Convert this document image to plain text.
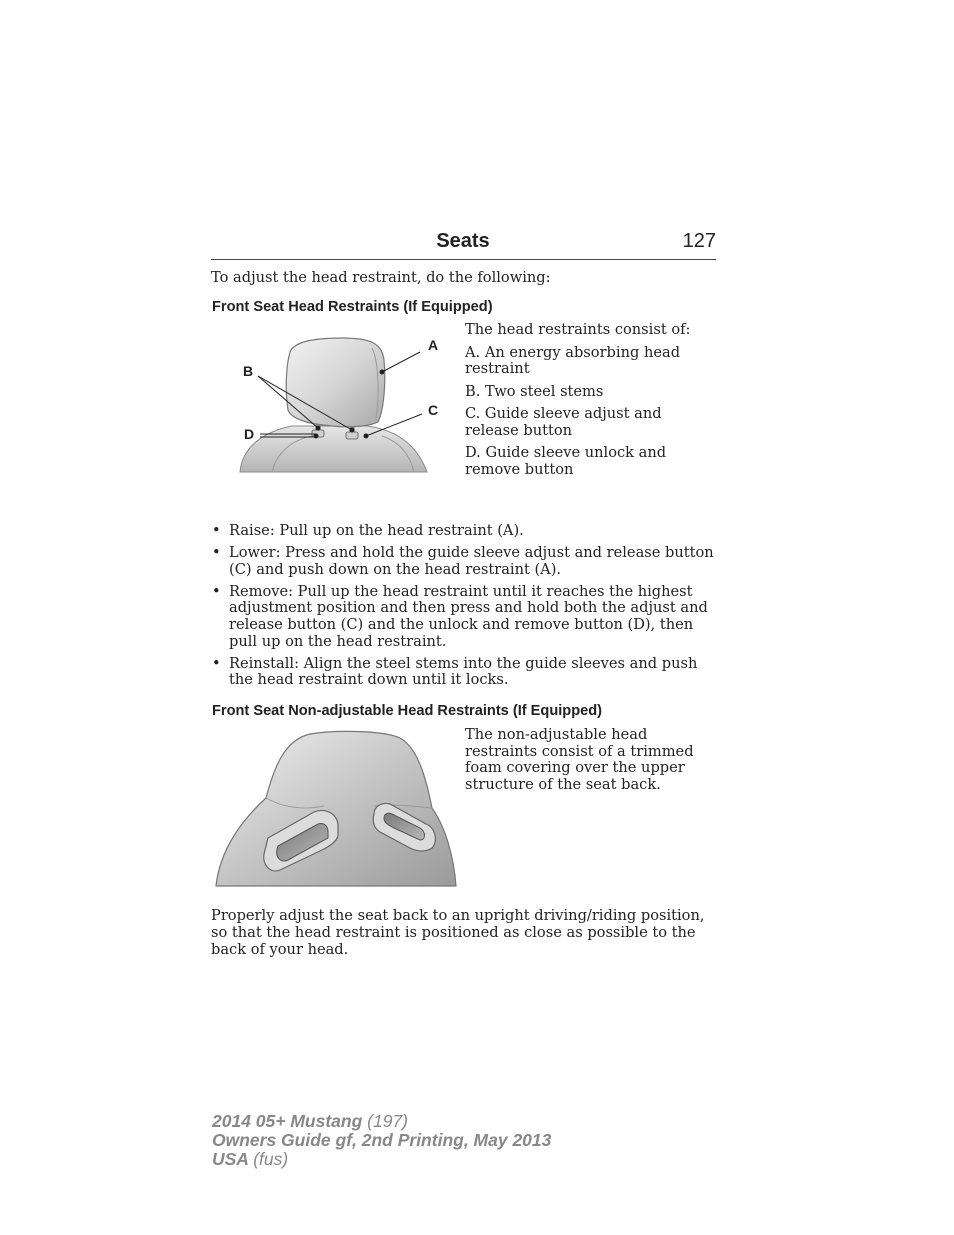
Seats	127
To adjust the head restraint, do the following:
Front Seat Head Restraints (If Equipped)
A
B
C
D

The head restraints consist of:

A. An energy absorbing head restraint

B. Two steel stems

C. Guide sleeve adjust and release button

D. Guide sleeve unlock and remove button

• Raise: Pull up on the head restraint (A).
• Lower: Press and hold the guide sleeve adjust and release button (C) and push down on the head restraint (A).
• Remove: Pull up the head restraint until it reaches the highest adjustment position and then press and hold both the adjust and release button (C) and the unlock and remove button (D), then pull up on the head restraint.
• Reinstall: Align the steel stems into the guide sleeves and push the head restraint down until it locks.
Front Seat Non-adjustable Head Restraints (If Equipped)
The non-adjustable head restraints consist of a trimmed foam covering over the upper structure of the seat back.
Properly adjust the seat back to an upright driving/riding position, so that the head restraint is positioned as close as possible to the back of your head.
2014 05+ Mustang (197)
Owners Guide gf, 2nd Printing, May 2013
USA (fus)
